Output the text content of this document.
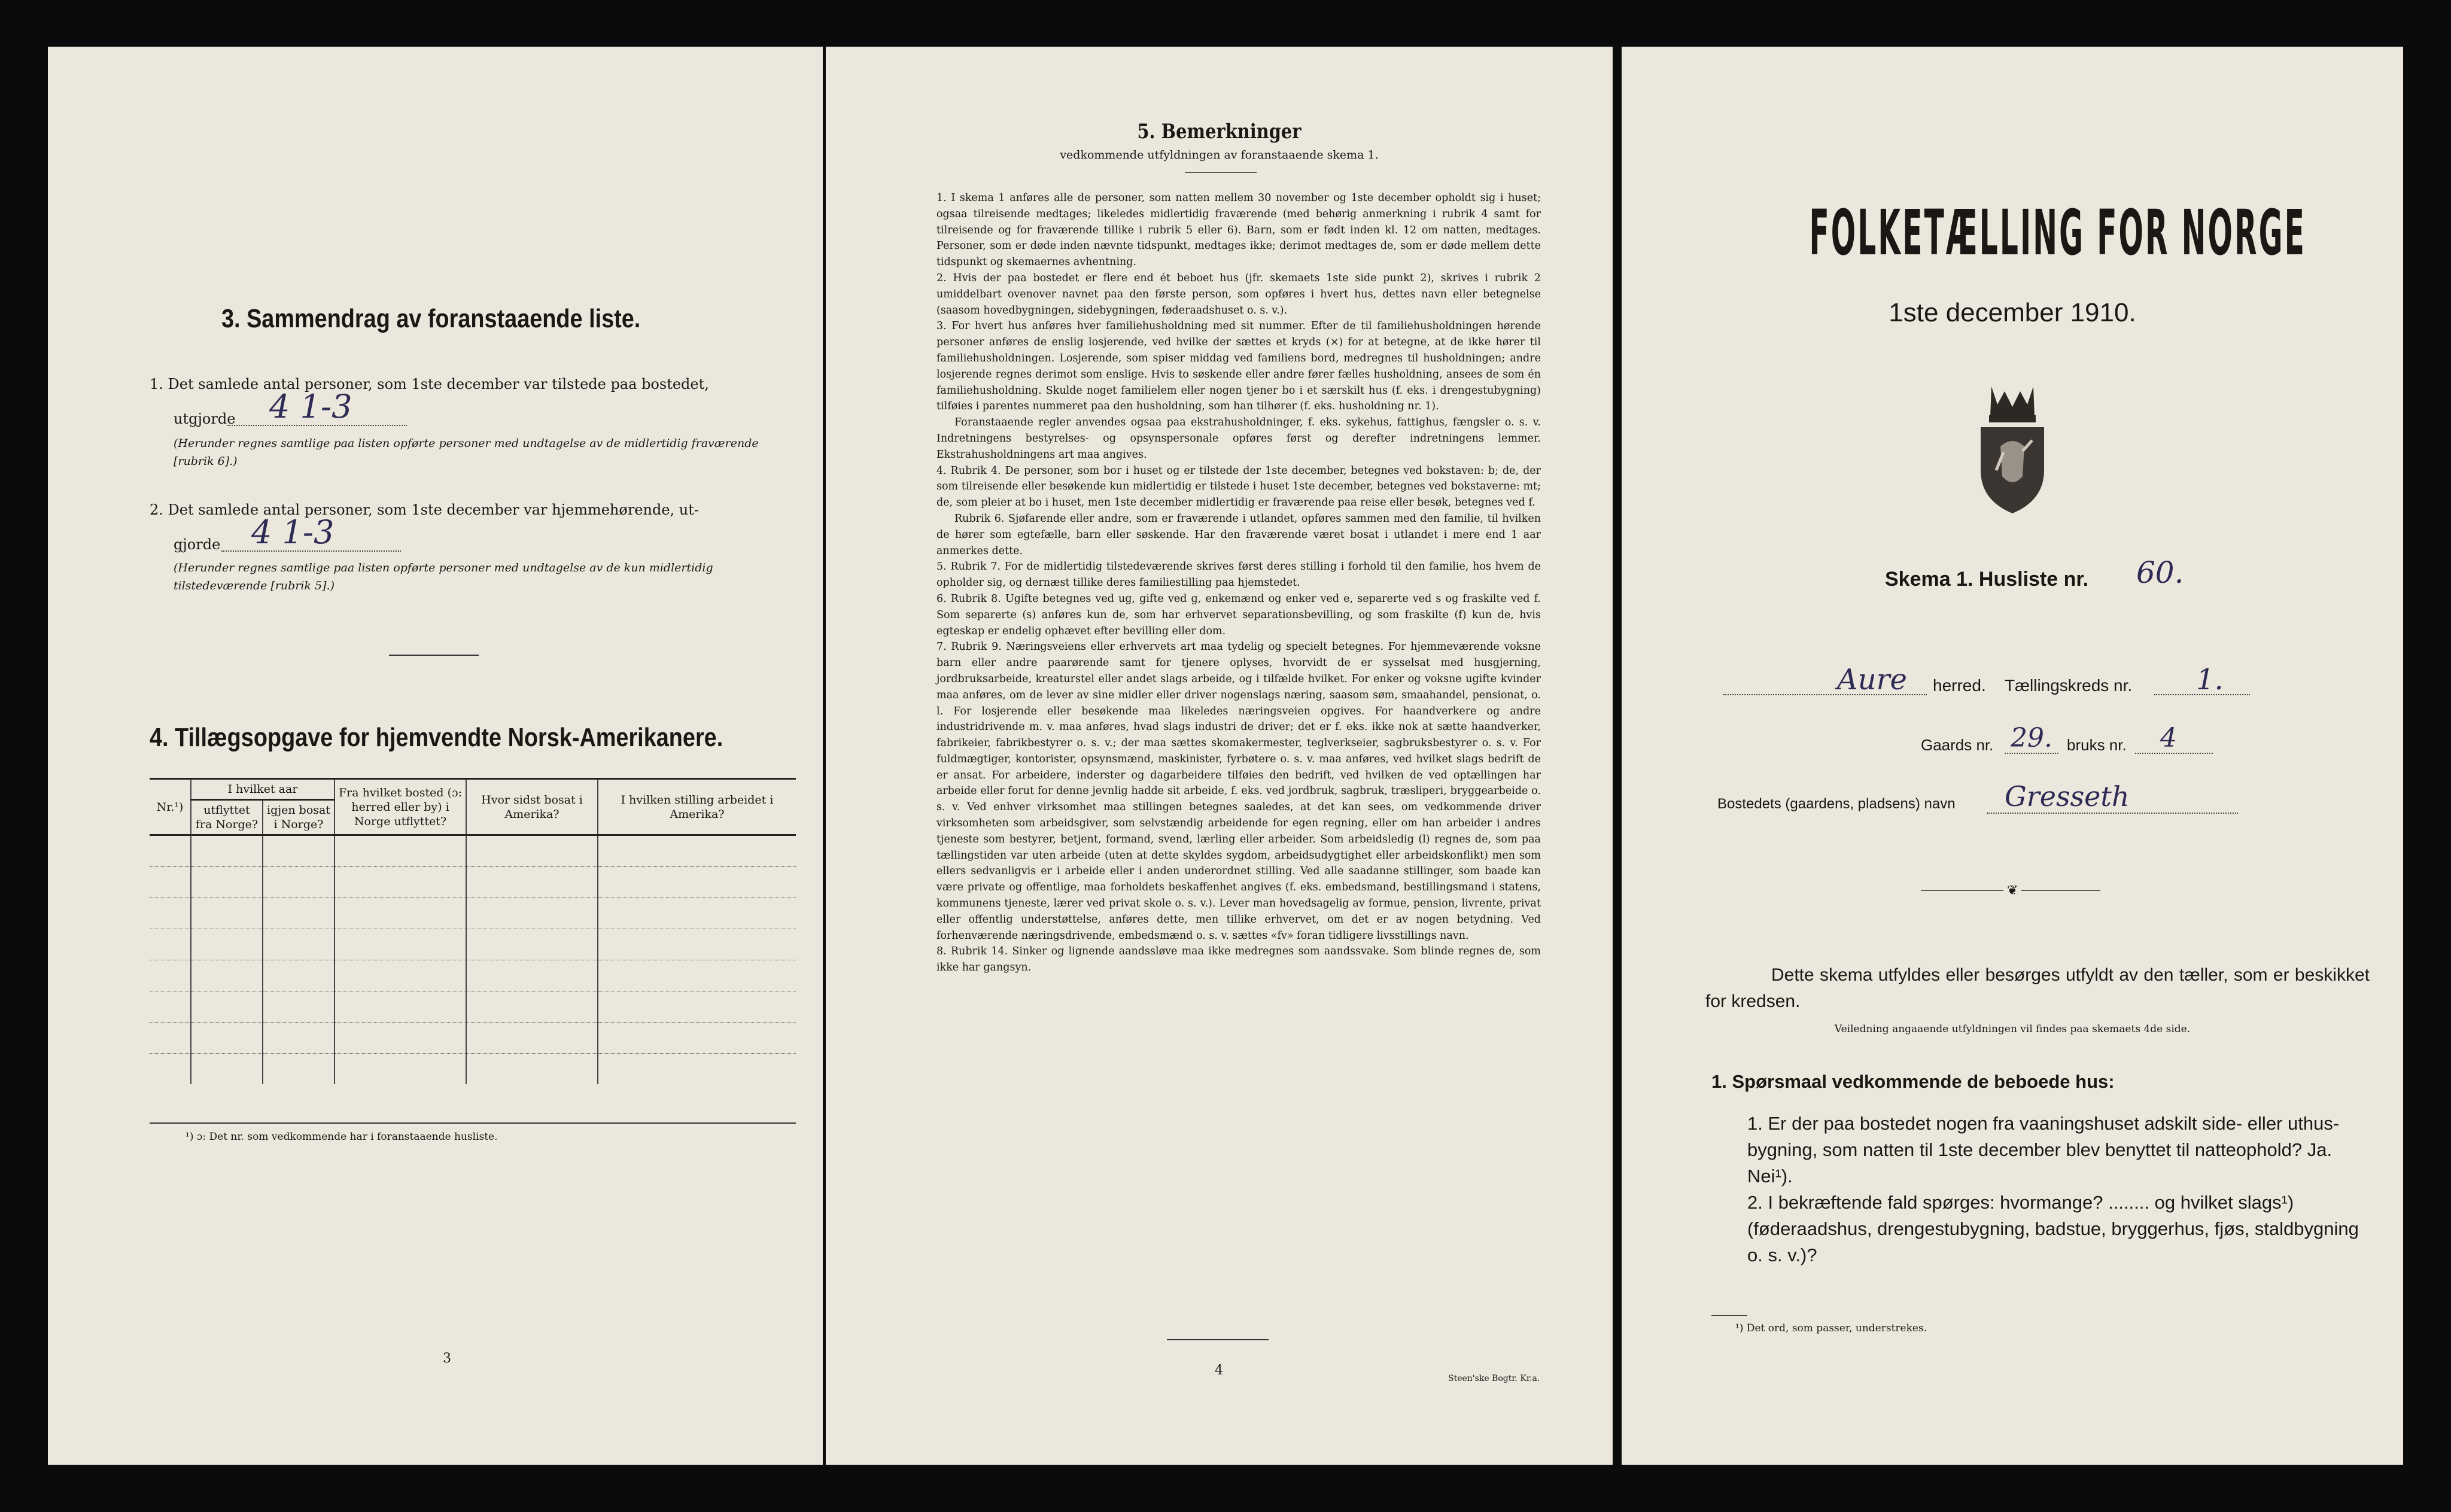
3. Sammendrag av foranstaaende liste.
1. Det samlede antal personer, som 1ste december var tilstede paa bostedet,
utgjorde 4 1-3
(Herunder regnes samtlige paa listen opførte personer med undtagelse av de midlertidig fraværende [rubrik 6].)
2. Det samlede antal personer, som 1ste december var hjemmehørende, ut-
gjorde 4 1-3
(Herunder regnes samtlige paa listen opførte personer med undtagelse av de kun midlertidig tilstedeværende [rubrik 5].)
4. Tillægsopgave for hjemvendte Norsk-Amerikanere.
Nr.¹)	I hvilket aar		Fra hvilket bosted (ɔ: herred eller by) i Norge utflyttet?	Hvor sidst bosat i Amerika?	I hvilken stilling arbeidet i Amerika?
	utflyttet fra Norge?	igjen bosat i Norge?			

¹) ɔ: Det nr. som vedkommende har i foranstaaende husliste.
3
5. Bemerkninger
vedkommende utfyldningen av foranstaaende skema 1.

1. I skema 1 anføres alle de personer, som natten mellem 30 november og 1ste december opholdt sig i huset; ogsaa tilreisende medtages; likeledes midlertidig fraværende (med behørig anmerkning i rubrik 4 samt for tilreisende og for fraværende tillike i rubrik 5 eller 6). Barn, som er født inden kl. 12 om natten, medtages. Personer, som er døde inden nævnte tidspunkt, medtages ikke; derimot medtages de, som er døde mellem dette tidspunkt og skemaernes avhentning.

2. Hvis der paa bostedet er flere end ét beboet hus (jfr. skemaets 1ste side punkt 2), skrives i rubrik 2 umiddelbart ovenover navnet paa den første person, som opføres i hvert hus, dettes navn eller betegnelse (saasom hovedbygningen, sidebygningen, føderaadshuset o. s. v.).

3. For hvert hus anføres hver familiehusholdning med sit nummer. Efter de til familiehusholdningen hørende personer anføres de enslig losjerende, ved hvilke der sættes et kryds (×) for at betegne, at de ikke hører til familiehusholdningen. Losjerende, som spiser middag ved familiens bord, medregnes til husholdningen; andre losjerende regnes derimot som enslige. Hvis to søskende eller andre fører fælles husholdning, ansees de som én familiehusholdning. Skulde noget familielem eller nogen tjener bo i et særskilt hus (f. eks. i drengestubygning) tilføies i parentes nummeret paa den husholdning, som han tilhører (f. eks. husholdning nr. 1).

Foranstaaende regler anvendes ogsaa paa ekstrahusholdninger, f. eks. sykehus, fattighus, fængsler o. s. v. Indretningens bestyrelses- og opsynspersonale opføres først og derefter indretningens lemmer. Ekstrahusholdningens art maa angives.

4. Rubrik 4. De personer, som bor i huset og er tilstede der 1ste december, betegnes ved bokstaven: b; de, der som tilreisende eller besøkende kun midlertidig er tilstede i huset 1ste december, betegnes ved bokstaverne: mt; de, som pleier at bo i huset, men 1ste december midlertidig er fraværende paa reise eller besøk, betegnes ved f.

Rubrik 6. Sjøfarende eller andre, som er fraværende i utlandet, opføres sammen med den familie, til hvilken de hører som egtefælle, barn eller søskende. Har den fraværende været bosat i utlandet i mere end 1 aar anmerkes dette.

5. Rubrik 7. For de midlertidig tilstedeværende skrives først deres stilling i forhold til den familie, hos hvem de opholder sig, og dernæst tillike deres familiestilling paa hjemstedet.

6. Rubrik 8. Ugifte betegnes ved ug, gifte ved g, enkemænd og enker ved e, separerte ved s og fraskilte ved f. Som separerte (s) anføres kun de, som har erhvervet separationsbevilling, og som fraskilte (f) kun de, hvis egteskap er endelig ophævet efter bevilling eller dom.

7. Rubrik 9. Næringsveiens eller erhvervets art maa tydelig og specielt betegnes. For hjemmeværende voksne barn eller andre paarørende samt for tjenere oplyses, hvorvidt de er sysselsat med husgjerning, jordbruksarbeide, kreaturstel eller andet slags arbeide, og i tilfælde hvilket. For enker og voksne ugifte kvinder maa anføres, om de lever av sine midler eller driver nogenslags næring, saasom søm, smaahandel, pensionat, o. l. For losjerende eller besøkende maa likeledes næringsveien opgives. For haandverkere og andre industridrivende m. v. maa anføres, hvad slags industri de driver; det er f. eks. ikke nok at sætte haandverker, fabrikeier, fabrikbestyrer o. s. v.; der maa sættes skomakermester, teglverkseier, sagbruksbestyrer o. s. v. For fuldmægtiger, kontorister, opsynsmænd, maskinister, fyrbøtere o. s. v. maa anføres, ved hvilket slags bedrift de er ansat. For arbeidere, inderster og dagarbeidere tilføies den bedrift, ved hvilken de ved optællingen har arbeide eller forut for denne jevnlig hadde sit arbeide, f. eks. ved jordbruk, sagbruk, træsliperi, bryggearbeide o. s. v. Ved enhver virksomhet maa stillingen betegnes saaledes, at det kan sees, om vedkommende driver virksomheten som arbeidsgiver, som selvstændig arbeidende for egen regning, eller om han arbeider i andres tjeneste som bestyrer, betjent, formand, svend, lærling eller arbeider. Som arbeidsledig (l) regnes de, som paa tællingstiden var uten arbeide (uten at dette skyldes sygdom, arbeidsudygtighet eller arbeidskonflikt) men som ellers sedvanligvis er i arbeide eller i anden underordnet stilling. Ved alle saadanne stillinger, som baade kan være private og offentlige, maa forholdets beskaffenhet angives (f. eks. embedsmand, bestillingsmand i statens, kommunens tjeneste, lærer ved privat skole o. s. v.). Lever man hovedsagelig av formue, pension, livrente, privat eller offentlig understøttelse, anføres dette, men tillike erhvervet, om det er av nogen betydning. Ved forhenværende næringsdrivende, embedsmænd o. s. v. sættes «fv» foran tidligere livsstillings navn.

8. Rubrik 14. Sinker og lignende aandssløve maa ikke medregnes som aandssvake. Som blinde regnes de, som ikke har gangsyn.

4
Steen'ske Bogtr. Kr.a.
FOLKETÆLLING FOR NORGE
1ste december 1910.
Skema 1. Husliste nr. 60.
Aure herred. Tællingskreds nr. 1.
Gaards nr. 29. bruks nr. 4
Bostedets (gaardens, pladsens) navn Gresseth
❦
Dette skema utfyldes eller besørges utfyldt av den tæller, som er beskikket for kredsen.
Veiledning angaaende utfyldningen vil findes paa skemaets 4de side.
1. Spørsmaal vedkommende de beboede hus:
1. Er der paa bostedet nogen fra vaaningshuset adskilt side- eller uthus-bygning, som natten til 1ste december blev benyttet til natteophold? Ja. Nei¹).
2. I bekræftende fald spørges: hvormange? ........ og hvilket slags¹) (føderaadshus, drengestubygning, badstue, bryggerhus, fjøs, staldbygning o. s. v.)?
¹) Det ord, som passer, understrekes.
